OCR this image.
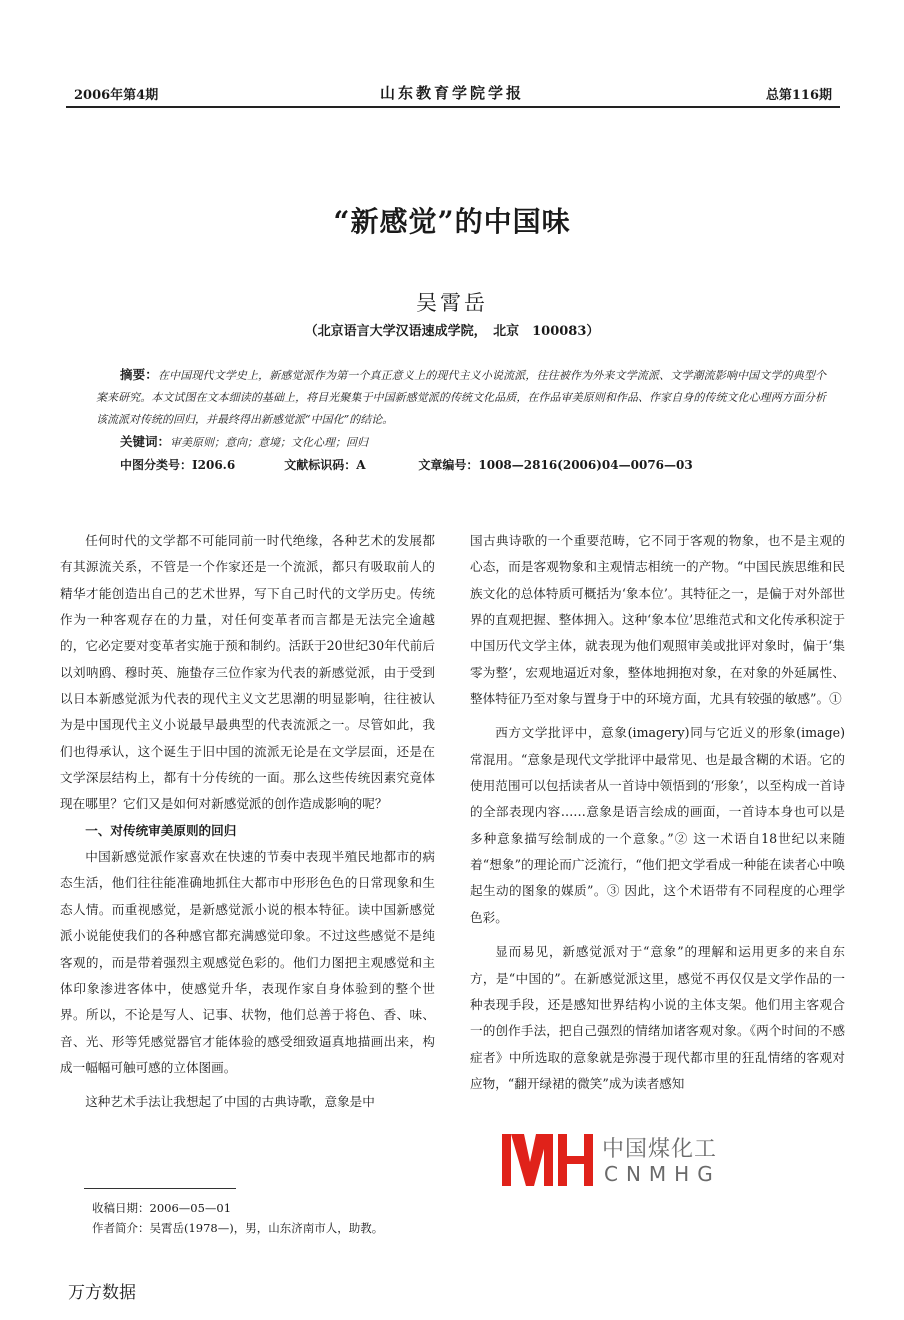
2006年第4期	山东教育学院学报	总第116期
“新感觉”的中国味
吴霄岳
（北京语言大学汉语速成学院，　北京　100083）
摘要：在中国现代文学史上，新感觉派作为第一个真正意义上的现代主义小说流派，往往被作为外来文学流派、文学潮流影响中国文学的典型个案来研究。本文试图在文本细读的基础上，将目光聚集于中国新感觉派的传统文化品质，在作品审美原则和作品、作家自身的传统文化心理两方面分析该流派对传统的回归，并最终得出新感觉派“中国化”的结论。
关键词：审美原则；意向；意境；文化心理；回归
中图分类号：I206.6	文献标识码：A	文章编号：1008—2816(2006)04—0076—03

任何时代的文学都不可能同前一时代绝缘，各种艺术的发展都有其源流关系，不管是一个作家还是一个流派，都只有吸取前人的精华才能创造出自己的艺术世界，写下自己时代的文学历史。传统作为一种客观存在的力量，对任何变革者而言都是无法完全逾越的，它必定要对变革者实施于预和制约。活跃于20世纪30年代前后以刘呐鸥、穆时英、施蛰存三位作家为代表的新感觉派，由于受到以日本新感觉派为代表的现代主义文艺思潮的明显影响，往往被认为是中国现代主义小说最早最典型的代表流派之一。尽管如此，我们也得承认，这个诞生于旧中国的流派无论是在文学层面，还是在文学深层结构上，都有十分传统的一面。那么这些传统因素究竟体现在哪里？它们又是如何对新感觉派的创作造成影响的呢？

一、对传统审美原则的回归

中国新感觉派作家喜欢在快速的节奏中表现半殖民地都市的病态生活，他们往往能准确地抓住大都市中形形色色的日常现象和生态人情。而重视感觉，是新感觉派小说的根本特征。读中国新感觉派小说能使我们的各种感官都充满感觉印象。不过这些感觉不是纯客观的，而是带着强烈主观感觉色彩的。他们力图把主观感觉和主体印象渗进客体中，使感觉升华，表现作家自身体验到的整个世界。所以，不论是写人、记事、状物，他们总善于将色、香、味、音、光、形等凭感觉器官才能体验的感受细致逼真地描画出来，构成一幅幅可触可感的立体图画。

这种艺术手法让我想起了中国的古典诗歌，意象是中

国古典诗歌的一个重要范畴，它不同于客观的物象，也不是主观的心态，而是客观物象和主观情志相统一的产物。“中国民族思维和民族文化的总体特质可概括为‘象本位’。其特征之一，是偏于对外部世界的直观把握、整体拥入。这种‘象本位’思维范式和文化传承积淀于中国历代文学主体，就表现为他们观照审美或批评对象时，偏于‘集零为整’，宏观地逼近对象，整体地拥抱对象，在对象的外延属性、整体特征乃至对象与置身于中的环境方面，尤具有较强的敏感”。①

西方文学批评中，意象(imagery)同与它近义的形象(image)常混用。“意象是现代文学批评中最常见、也是最含糊的术语。它的使用范围可以包括读者从一首诗中领悟到的‘形象’，以至构成一首诗的全部表现内容……意象是语言绘成的画面，一首诗本身也可以是多种意象描写绘制成的一个意象。”② 这一术语自18世纪以来随着“想象”的理论而广泛流行，“他们把文学看成一种能在读者心中唤起生动的图象的媒质”。③ 因此，这个术语带有不同程度的心理学色彩。

显而易见，新感觉派对于“意象”的理解和运用更多的来自东方，是“中国的”。在新感觉派这里，感觉不再仅仅是文学作品的一种表现手段，还是感知世界结构小说的主体支架。他们用主客观合一的创作手法，把自己强烈的情绪加诸客观对象。《两个时间的不感症者》中所选取的意象就是弥漫于现代都市里的狂乱情绪的客观对应物，“翻开绿裙的微笑”成为读者感知

中国煤化工
CNMHG
收稿日期：2006—05—01
作者简介：吴霄岳(1978—)，男，山东济南市人，助教。
万方数据
